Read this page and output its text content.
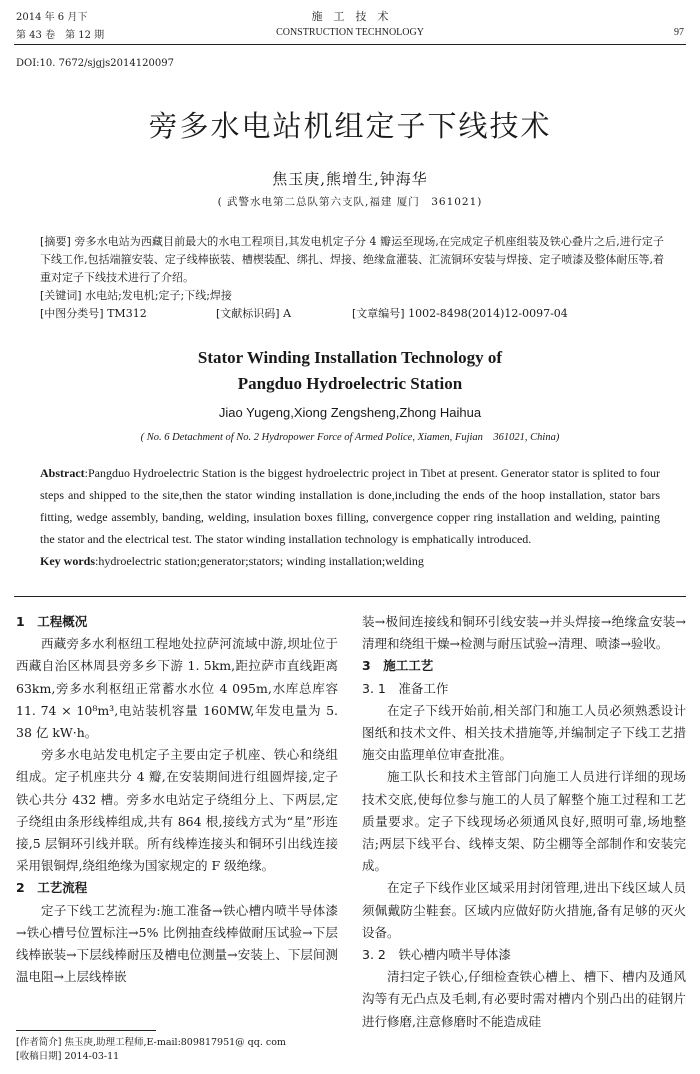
2014 年 6 月下
第 43 卷　第 12 期
施　工　技　术
CONSTRUCTION TECHNOLOGY	97
DOI:10. 7672/sjgjs2014120097
旁多水电站机组定子下线技术
焦玉庚,熊增生,钟海华
( 武警水电第二总队第六支队,福建 厦门　361021)
[摘要] 旁多水电站为西藏目前最大的水电工程项目,其发电机定子分 4 瓣运至现场,在完成定子机座组装及铁心叠片之后,进行定子下线工作,包括端箍安装、定子线棒嵌装、槽楔装配、绑扎、焊接、绝缘盒灌装、汇流铜环安装与焊接、定子喷漆及整体耐压等,着重对定子下线技术进行了介绍。
[关键词] 水电站;发电机;定子;下线;焊接
[中图分类号] TM312	[文献标识码] A	[文章编号] 1002-8498(2014)12-0097-04
Stator Winding Installation Technology of
Pangduo Hydroelectric Station
Jiao Yugeng,Xiong Zengsheng,Zhong Haihua
( No. 6 Detachment of No. 2 Hydropower Force of Armed Police, Xiamen, Fujian　361021, China)
Abstract:Pangduo Hydroelectric Station is the biggest hydroelectric project in Tibet at present. Generator stator is splited to four steps and shipped to the site,then the stator winding installation is done,including the ends of the hoop installation, stator bars fitting, wedge assembly, banding, welding, insulation boxes filling, convergence copper ring installation and welding, painting the stator and the electrical test. The stator winding installation technology is emphatically introduced.
Key words:hydroelectric station;generator;stators; winding installation;welding
1　工程概况

西藏旁多水利枢纽工程地处拉萨河流域中游,坝址位于西藏自治区林周县旁多乡下游 1. 5km,距拉萨市直线距离 63km,旁多水利枢纽正常蓄水水位 4 095m,水库总库容 11. 74 × 10⁸m³,电站装机容量 160MW,年发电量为 5. 38 亿 kW·h。

旁多水电站发电机定子主要由定子机座、铁心和绕组组成。定子机座共分 4 瓣,在安装期间进行组圆焊接,定子铁心共分 432 槽。旁多水电站定子绕组分上、下两层,定子绕组由条形线棒组成,共有 864 根,接线方式为“星”形连接,5 层铜环引线并联。所有线棒连接头和铜环引出线连接采用银铜焊,绕组绝缘为国家规定的 F 级绝缘。

2　工艺流程

定子下线工艺流程为:施工准备→铁心槽内喷半导体漆→铁心槽号位置标注→5% 比例抽查线棒做耐压试验→下层线棒嵌装→下层线棒耐压及槽电位测量→安装上、下层间测温电阻→上层线棒嵌

装→极间连接线和铜环引线安装→并头焊接→绝缘盒安装→清理和绕组干燥→检测与耐压试验→清理、喷漆→验收。
3　施工工艺
3. 1　准备工作

在定子下线开始前,相关部门和施工人员必须熟悉设计图纸和技术文件、相关技术措施等,并编制定子下线工艺措施交由监理单位审查批准。

施工队长和技术主管部门向施工人员进行详细的现场技术交底,使每位参与施工的人员了解整个施工过程和工艺质量要求。定子下线现场必须通风良好,照明可靠,场地整洁;两层下线平台、线棒支架、防尘棚等全部制作和安装完成。

在定子下线作业区域采用封闭管理,进出下线区域人员须佩戴防尘鞋套。区域内应做好防火措施,备有足够的灭火设备。

3. 2　铁心槽内喷半导体漆

清扫定子铁心,仔细检查铁心槽上、槽下、槽内及通风沟等有无凸点及毛刺,有必要时需对槽内个别凸出的硅钢片进行修磨,注意修磨时不能造成硅

[作者简介] 焦玉庚,助理工程师,E-mail:809817951@ qq. com
[收稿日期] 2014-03-11
